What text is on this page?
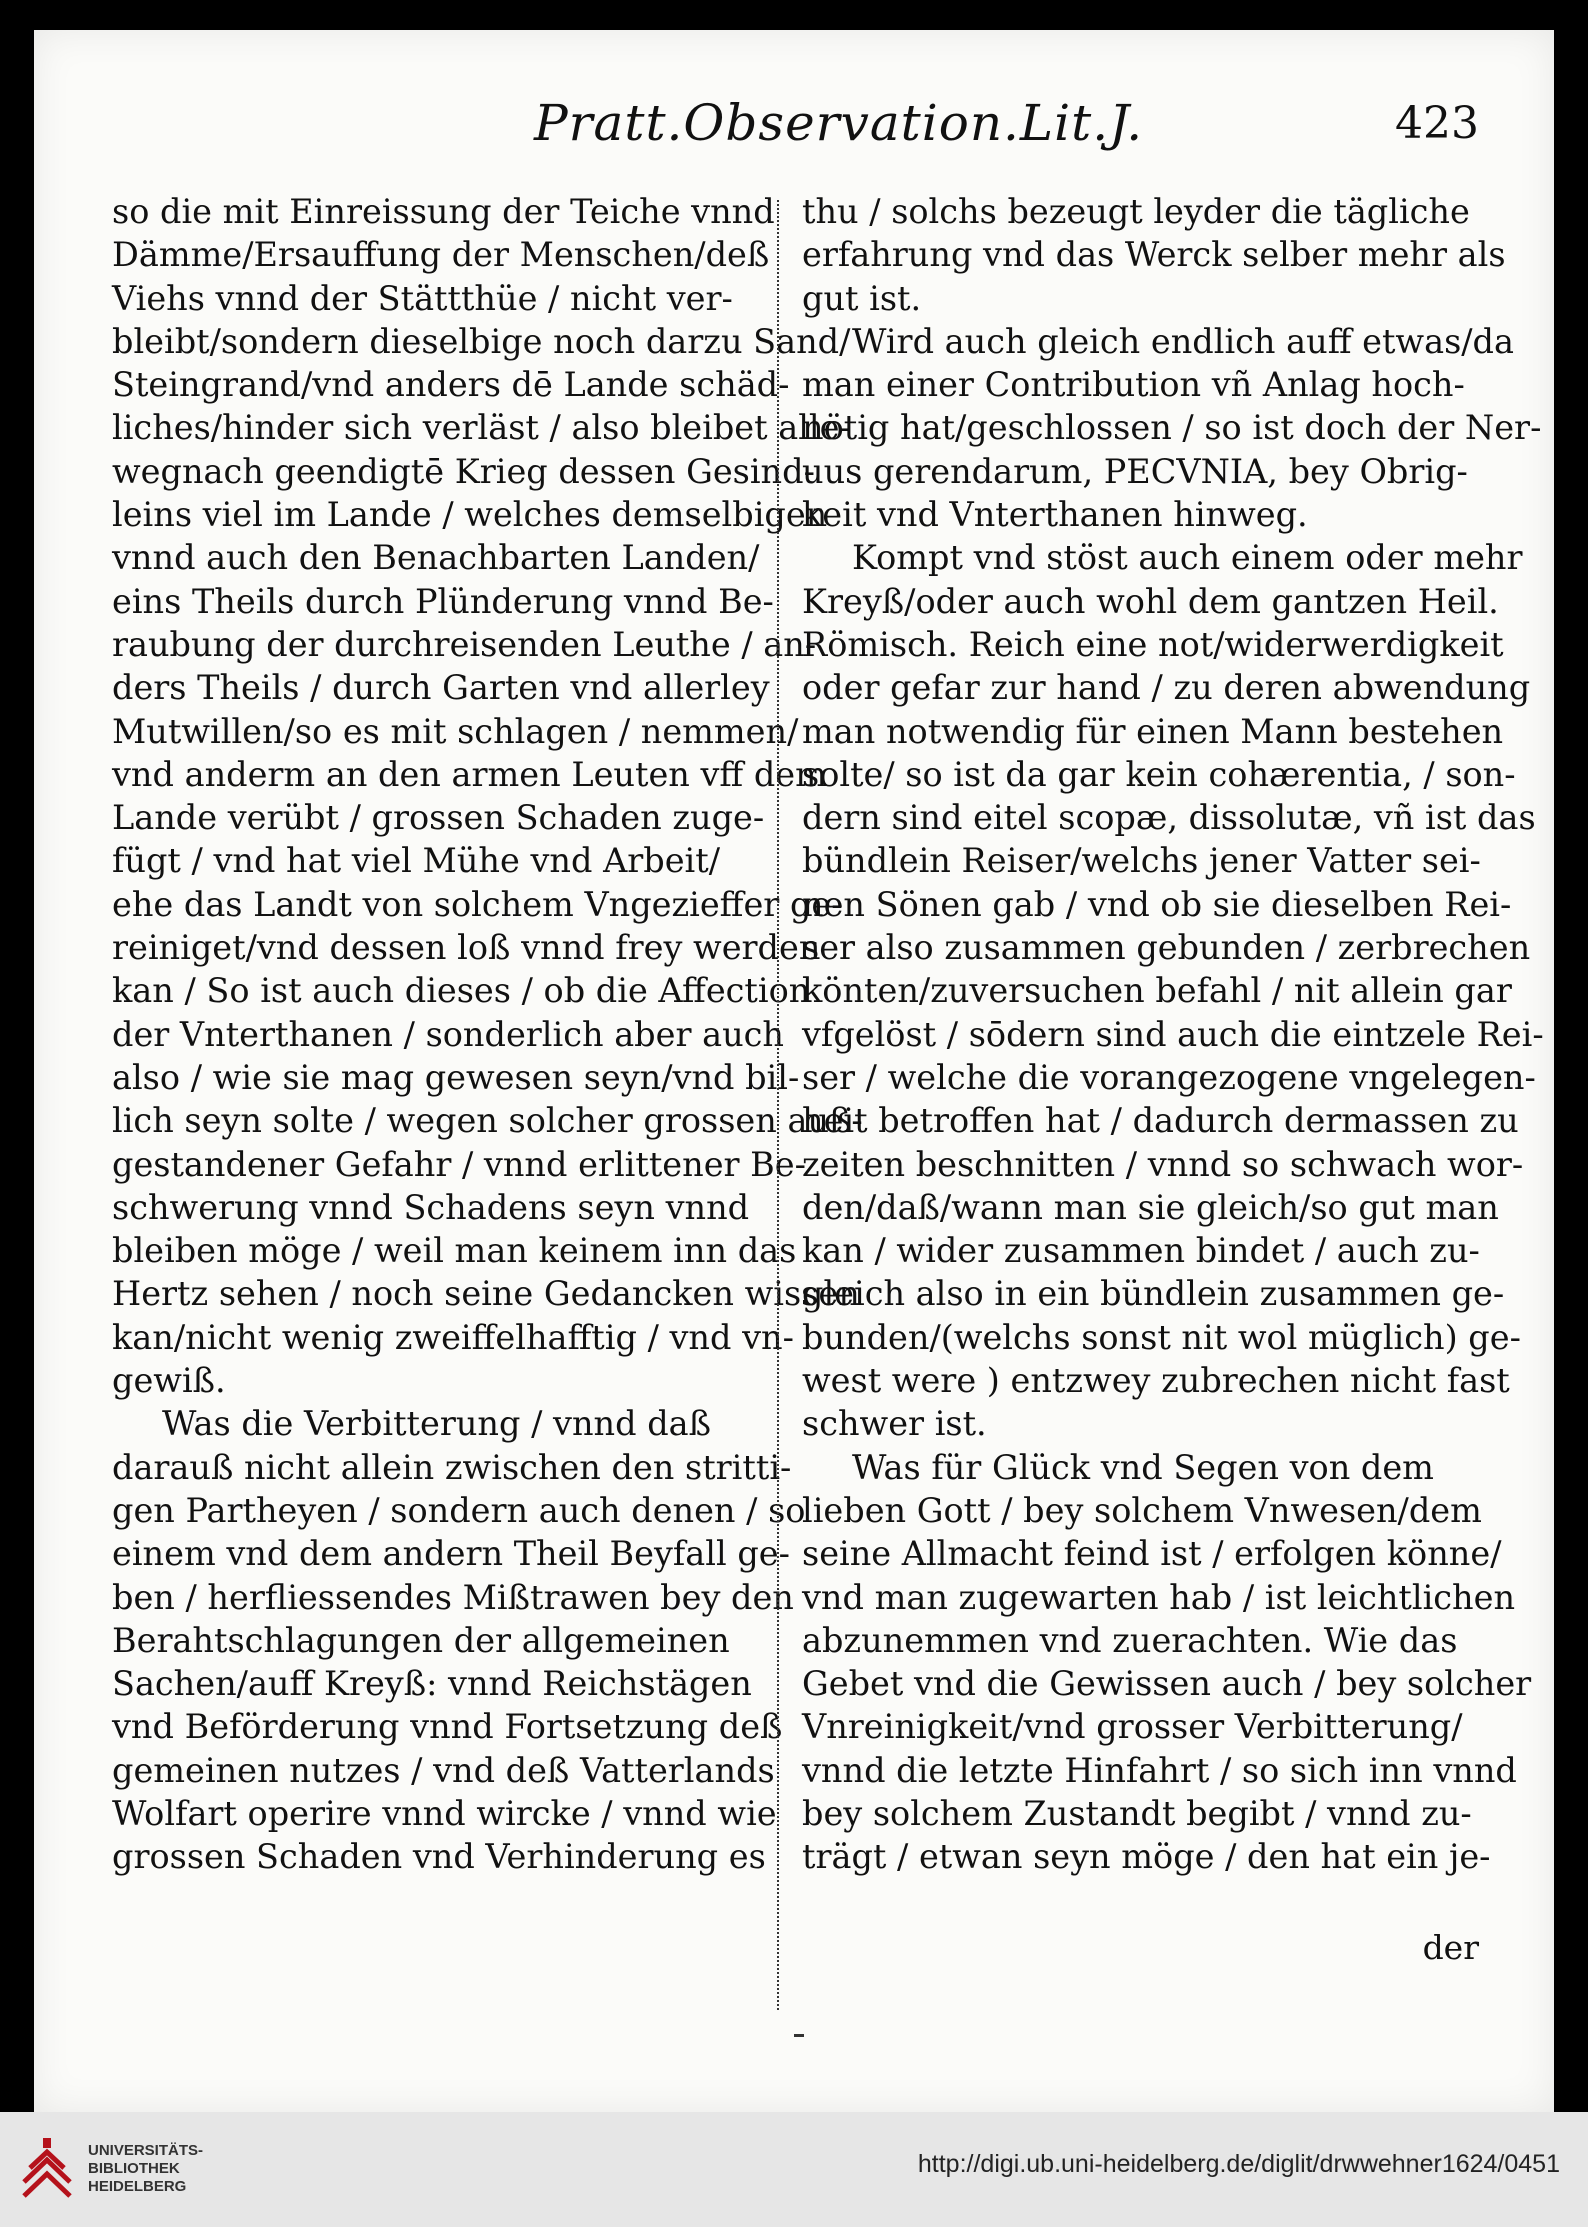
Pratt.Observation.Lit.J.	423
so die mit Einreissung der Teiche vnnd
Dämme/Ersauffung der Menschen/deß
Viehs vnnd der Stättthüe / nicht ver-
bleibt/sondern dieselbige noch darzu Sand/
Steingrand/vnd anders dē Lande schäd-
liches/hinder sich verläst / also bleibet alle-
wegnach geendigtē Krieg dessen Gesind-
leins viel im Lande / welches demselbigen
vnnd auch den Benachbarten Landen/
eins Theils durch Plünderung vnnd Be-
raubung der durchreisenden Leuthe / an-
ders Theils / durch Garten vnd allerley
Mutwillen/so es mit schlagen / nemmen/
vnd anderm an den armen Leuten vff dem
Lande verübt / grossen Schaden zuge-
fügt / vnd hat viel Mühe vnd Arbeit/
ehe das Landt von solchem Vngezieffer ge-
reiniget/vnd dessen loß vnnd frey werden
kan / So ist auch dieses / ob die Affection
der Vnterthanen / sonderlich aber auch
also / wie sie mag gewesen seyn/vnd bil-
lich seyn solte / wegen solcher grossen auß-
gestandener Gefahr / vnnd erlittener Be-
schwerung vnnd Schadens seyn vnnd
bleiben möge / weil man keinem inn das
Hertz sehen / noch seine Gedancken wissen
kan/nicht wenig zweiffelhafftig / vnd vn-
gewiß.
Was die Verbitterung / vnnd daß
darauß nicht allein zwischen den stritti-
gen Partheyen / sondern auch denen / so
einem vnd dem andern Theil Beyfall ge-
ben / herfliessendes Mißtrawen bey den
Berahtschlagungen der allgemeinen
Sachen/auff Kreyß: vnnd Reichstägen
vnd Beförderung vnnd Fortsetzung deß
gemeinen nutzes / vnd deß Vatterlands
Wolfart operire vnnd wircke / vnnd wie
grossen Schaden vnd Verhinderung es
thu / solchs bezeugt leyder die tägliche
erfahrung vnd das Werck selber mehr als
gut ist.
Wird auch gleich endlich auff etwas/da
man einer Contribution vñ Anlag hoch-
nötig hat/geschlossen / so ist doch der Ner-
uus gerendarum, PECVNIA, bey Obrig-
keit vnd Vnterthanen hinweg.
Kompt vnd stöst auch einem oder mehr
Kreyß/oder auch wohl dem gantzen Heil.
Römisch. Reich eine not/widerwerdigkeit
oder gefar zur hand / zu deren abwendung
man notwendig für einen Mann bestehen
solte/ so ist da gar kein cohærentia, / son-
dern sind eitel scopæ, dissolutæ, vñ ist das
bündlein Reiser/welchs jener Vatter sei-
nen Sönen gab / vnd ob sie dieselben Rei-
ser also zusammen gebunden / zerbrechen
könten/zuversuchen befahl / nit allein gar
vfgelöst / sōdern sind auch die eintzele Rei-
ser / welche die vorangezogene vngelegen-
heit betroffen hat / dadurch dermassen zu
zeiten beschnitten / vnnd so schwach wor-
den/daß/wann man sie gleich/so gut man
kan / wider zusammen bindet / auch zu-
gleich also in ein bündlein zusammen ge-
bunden/(welchs sonst nit wol müglich) ge-
west were ) entzwey zubrechen nicht fast
schwer ist.
Was für Glück vnd Segen von dem
lieben Gott / bey solchem Vnwesen/dem
seine Allmacht feind ist / erfolgen könne/
vnd man zugewarten hab / ist leichtlichen
abzunemmen vnd zuerachten. Wie das
Gebet vnd die Gewissen auch / bey solcher
Vnreinigkeit/vnd grosser Verbitterung/
vnnd die letzte Hinfahrt / so sich inn vnnd
bey solchem Zustandt begibt / vnnd zu-
trägt / etwan seyn möge / den hat ein je-
der
UNIVERSITÄTS-
BIBLIOTHEK
HEIDELBERG
http://digi.ub.uni-heidelberg.de/diglit/drwwehner1624/0451
